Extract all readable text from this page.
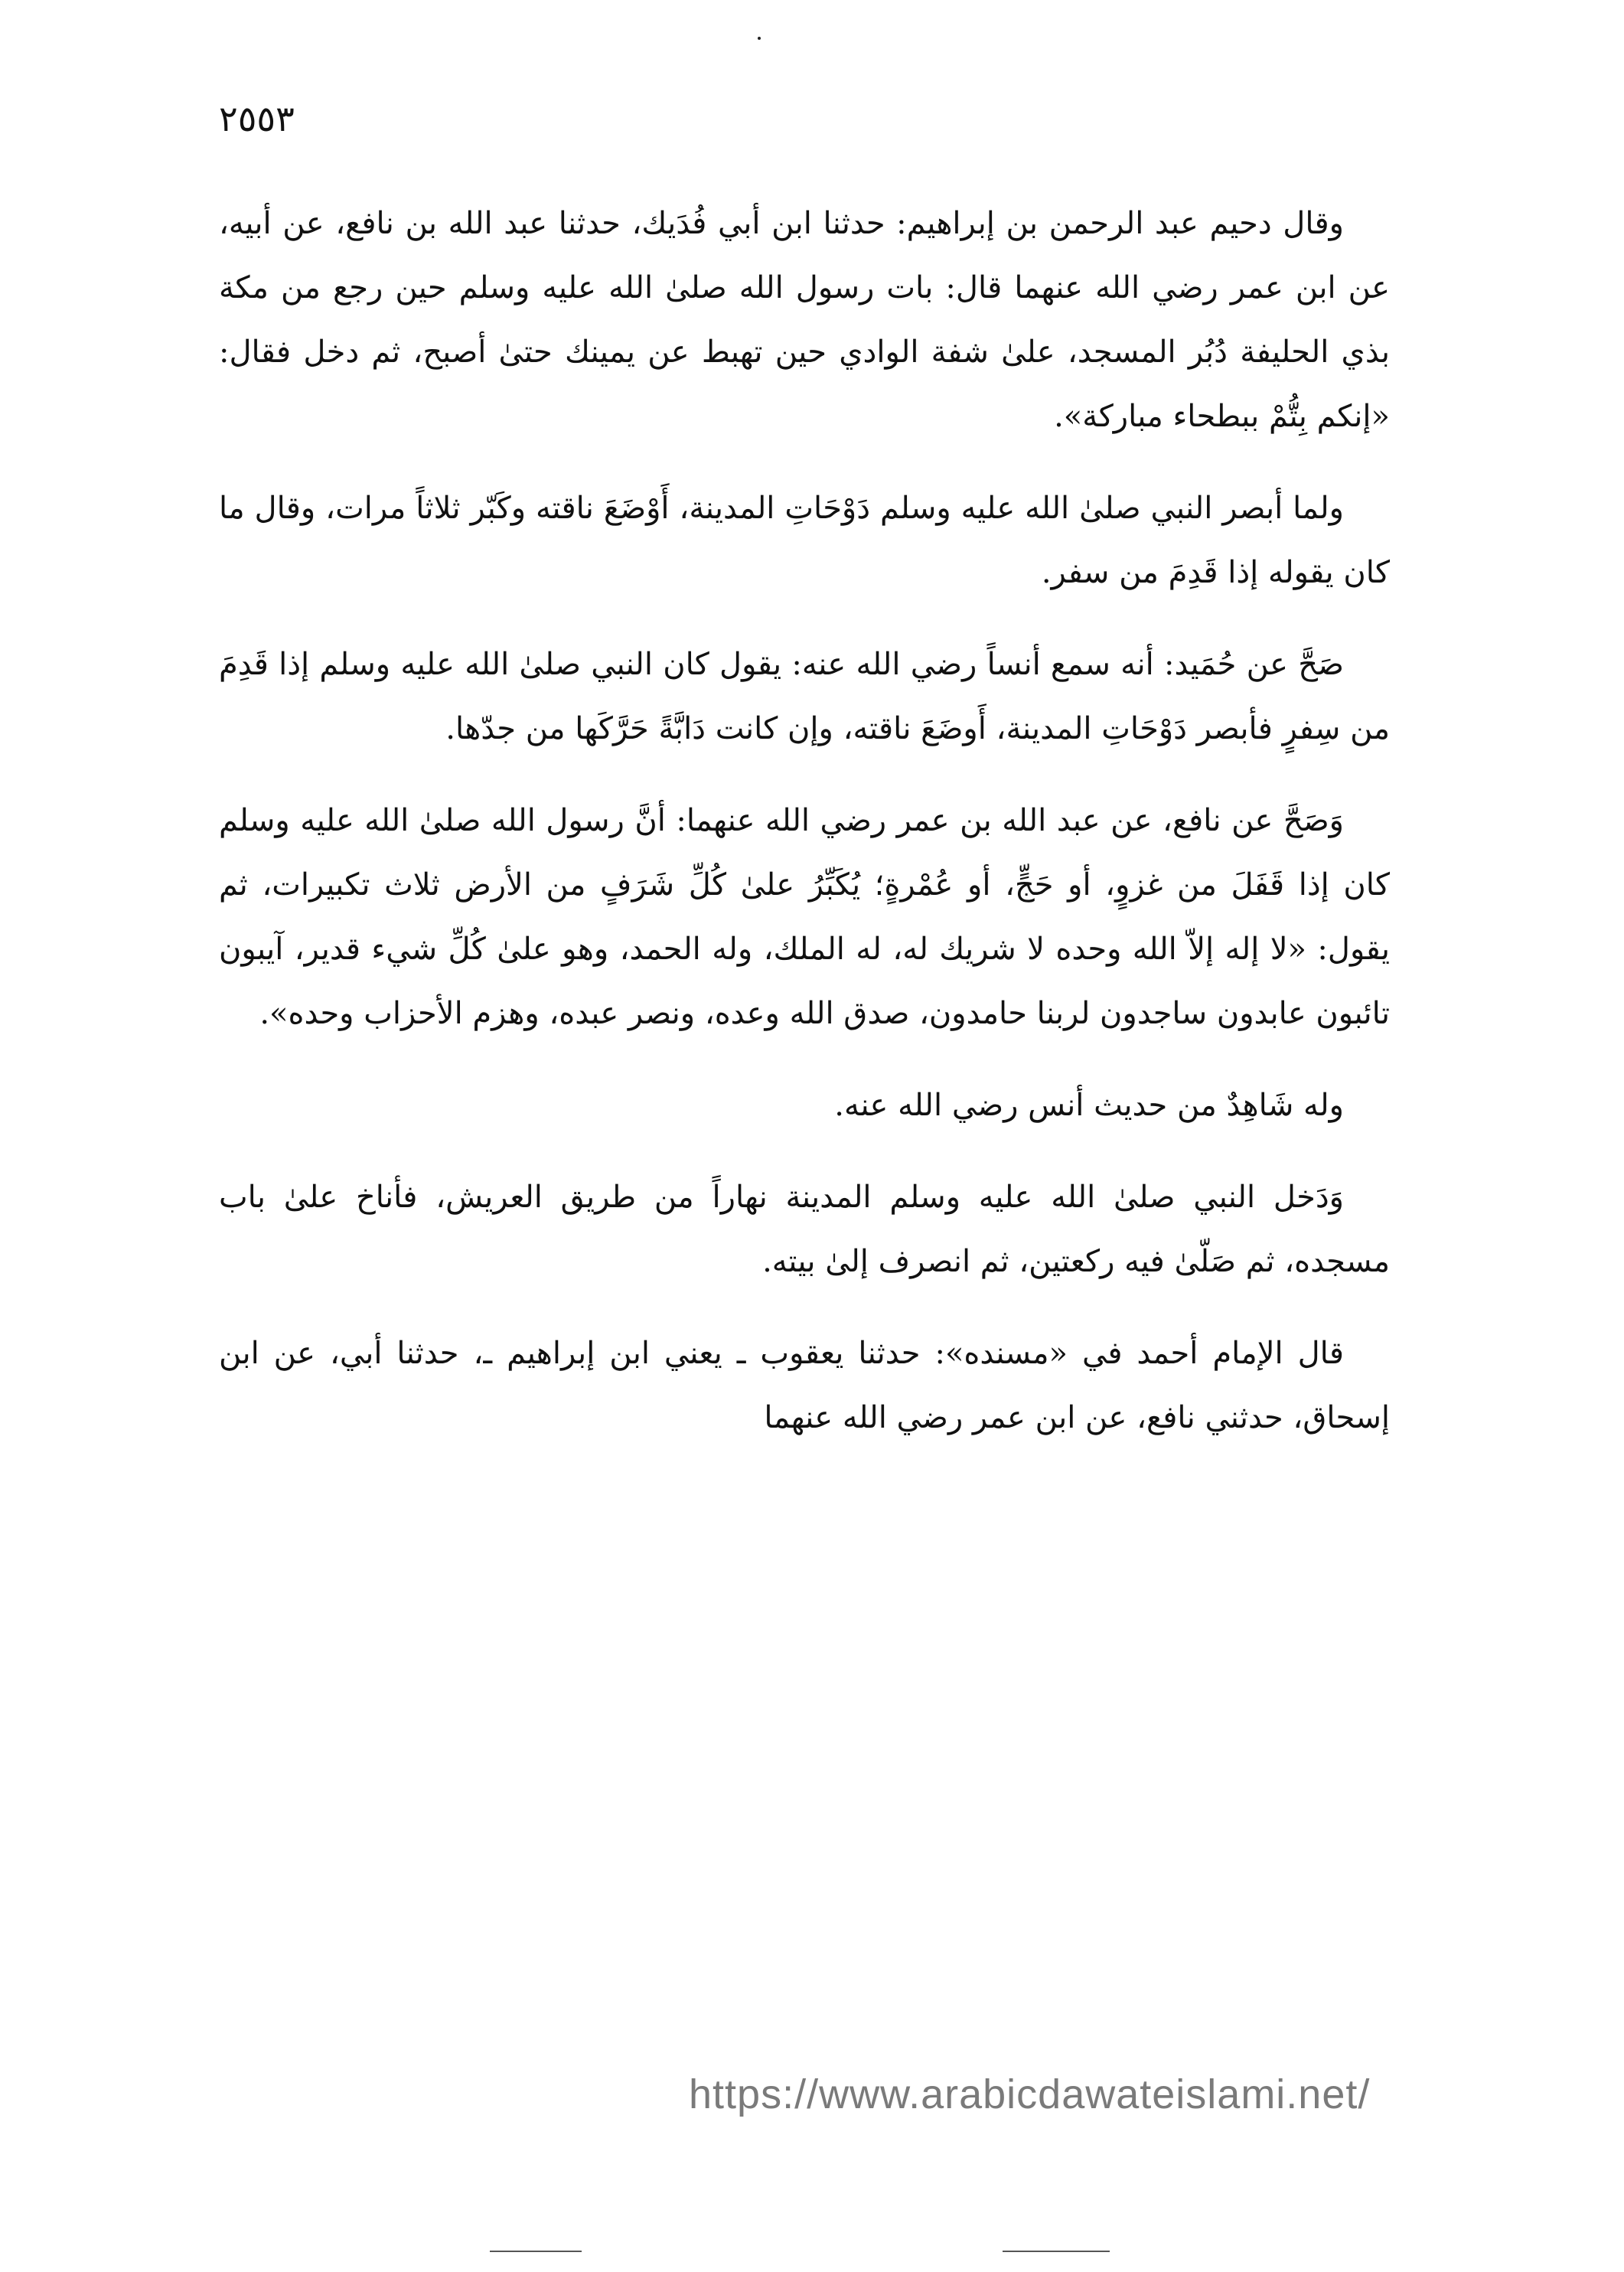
٢٥٥٣

وقال دحيم عبد الرحمن بن إبراهيم: حدثنا ابن أبي فُدَيك، حدثنا عبد الله بن نافع، عن أبيه، عن ابن عمر رضي الله عنهما قال: بات رسول الله صلىٰ الله عليه وسلم حين رجع من مكة بذي الحليفة دُبُر المسجد، علىٰ شفة الوادي حين تهبط عن يمينك حتىٰ أصبح، ثم دخل فقال: «إنكم بِتُّمْ ببطحاء مباركة».

ولما أبصر النبي صلىٰ الله عليه وسلم دَوْحَاتِ المدينة، أَوْضَعَ ناقته وكَبّر ثلاثاً مرات، وقال ما كان يقوله إذا قَدِمَ من سفر.

صَحَّ عن حُمَيد: أنه سمع أنساً رضي الله عنه: يقول كان النبي صلىٰ الله عليه وسلم إذا قَدِمَ من سِفرٍ فأبصر دَوْحَاتِ المدينة، أَوضَعَ ناقته، وإن كانت دَابَّةً حَرَّكَها من جدّها.

وَصَحَّ عن نافع، عن عبد الله بن عمر رضي الله عنهما: أنَّ رسول الله صلىٰ الله عليه وسلم كان إذا قَفَلَ من غزوٍ، أو حَجٍّ، أو عُمْرةٍ؛ يُكَبِّرُ علىٰ كُلِّ شَرَفٍ من الأرض ثلاث تكبيرات، ثم يقول: «لا إله إلاّ الله وحده لا شريك له، له الملك، وله الحمد، وهو علىٰ كُلِّ شيء قدير، آيبون تائبون عابدون ساجدون لربنا حامدون، صدق الله وعده، ونصر عبده، وهزم الأحزاب وحده».

وله شَاهِدٌ من حديث أنس رضي الله عنه.

وَدَخل النبي صلىٰ الله عليه وسلم المدينة نهاراً من طريق العريش، فأناخ علىٰ باب مسجده، ثم صَلّىٰ فيه ركعتين، ثم انصرف إلىٰ بيته.

قال الإمام أحمد في «مسنده»: حدثنا يعقوب ـ يعني ابن إبراهيم ـ، حدثنا أبي، عن ابن إسحاق، حدثني نافع، عن ابن عمر رضي الله عنهما

https://www.arabicdawateislami.net/
